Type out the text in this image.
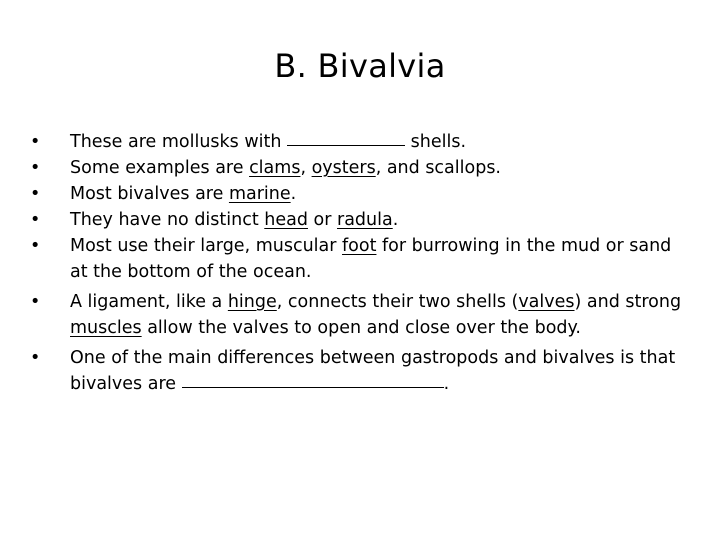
B. Bivalvia
• These are mollusks with	shells.
• Some examples are clams, oysters, and scallops.
• Most bivalves are marine.
• They have no distinct head or radula.
• Most use their large, muscular foot for burrowing in the mud or sand at the bottom of the ocean.
• A ligament, like a hinge, connects their two shells (valves) and strong muscles allow the valves to open and close over the body.
• One of the main differences between gastropods and bivalves is that bivalves are	.
